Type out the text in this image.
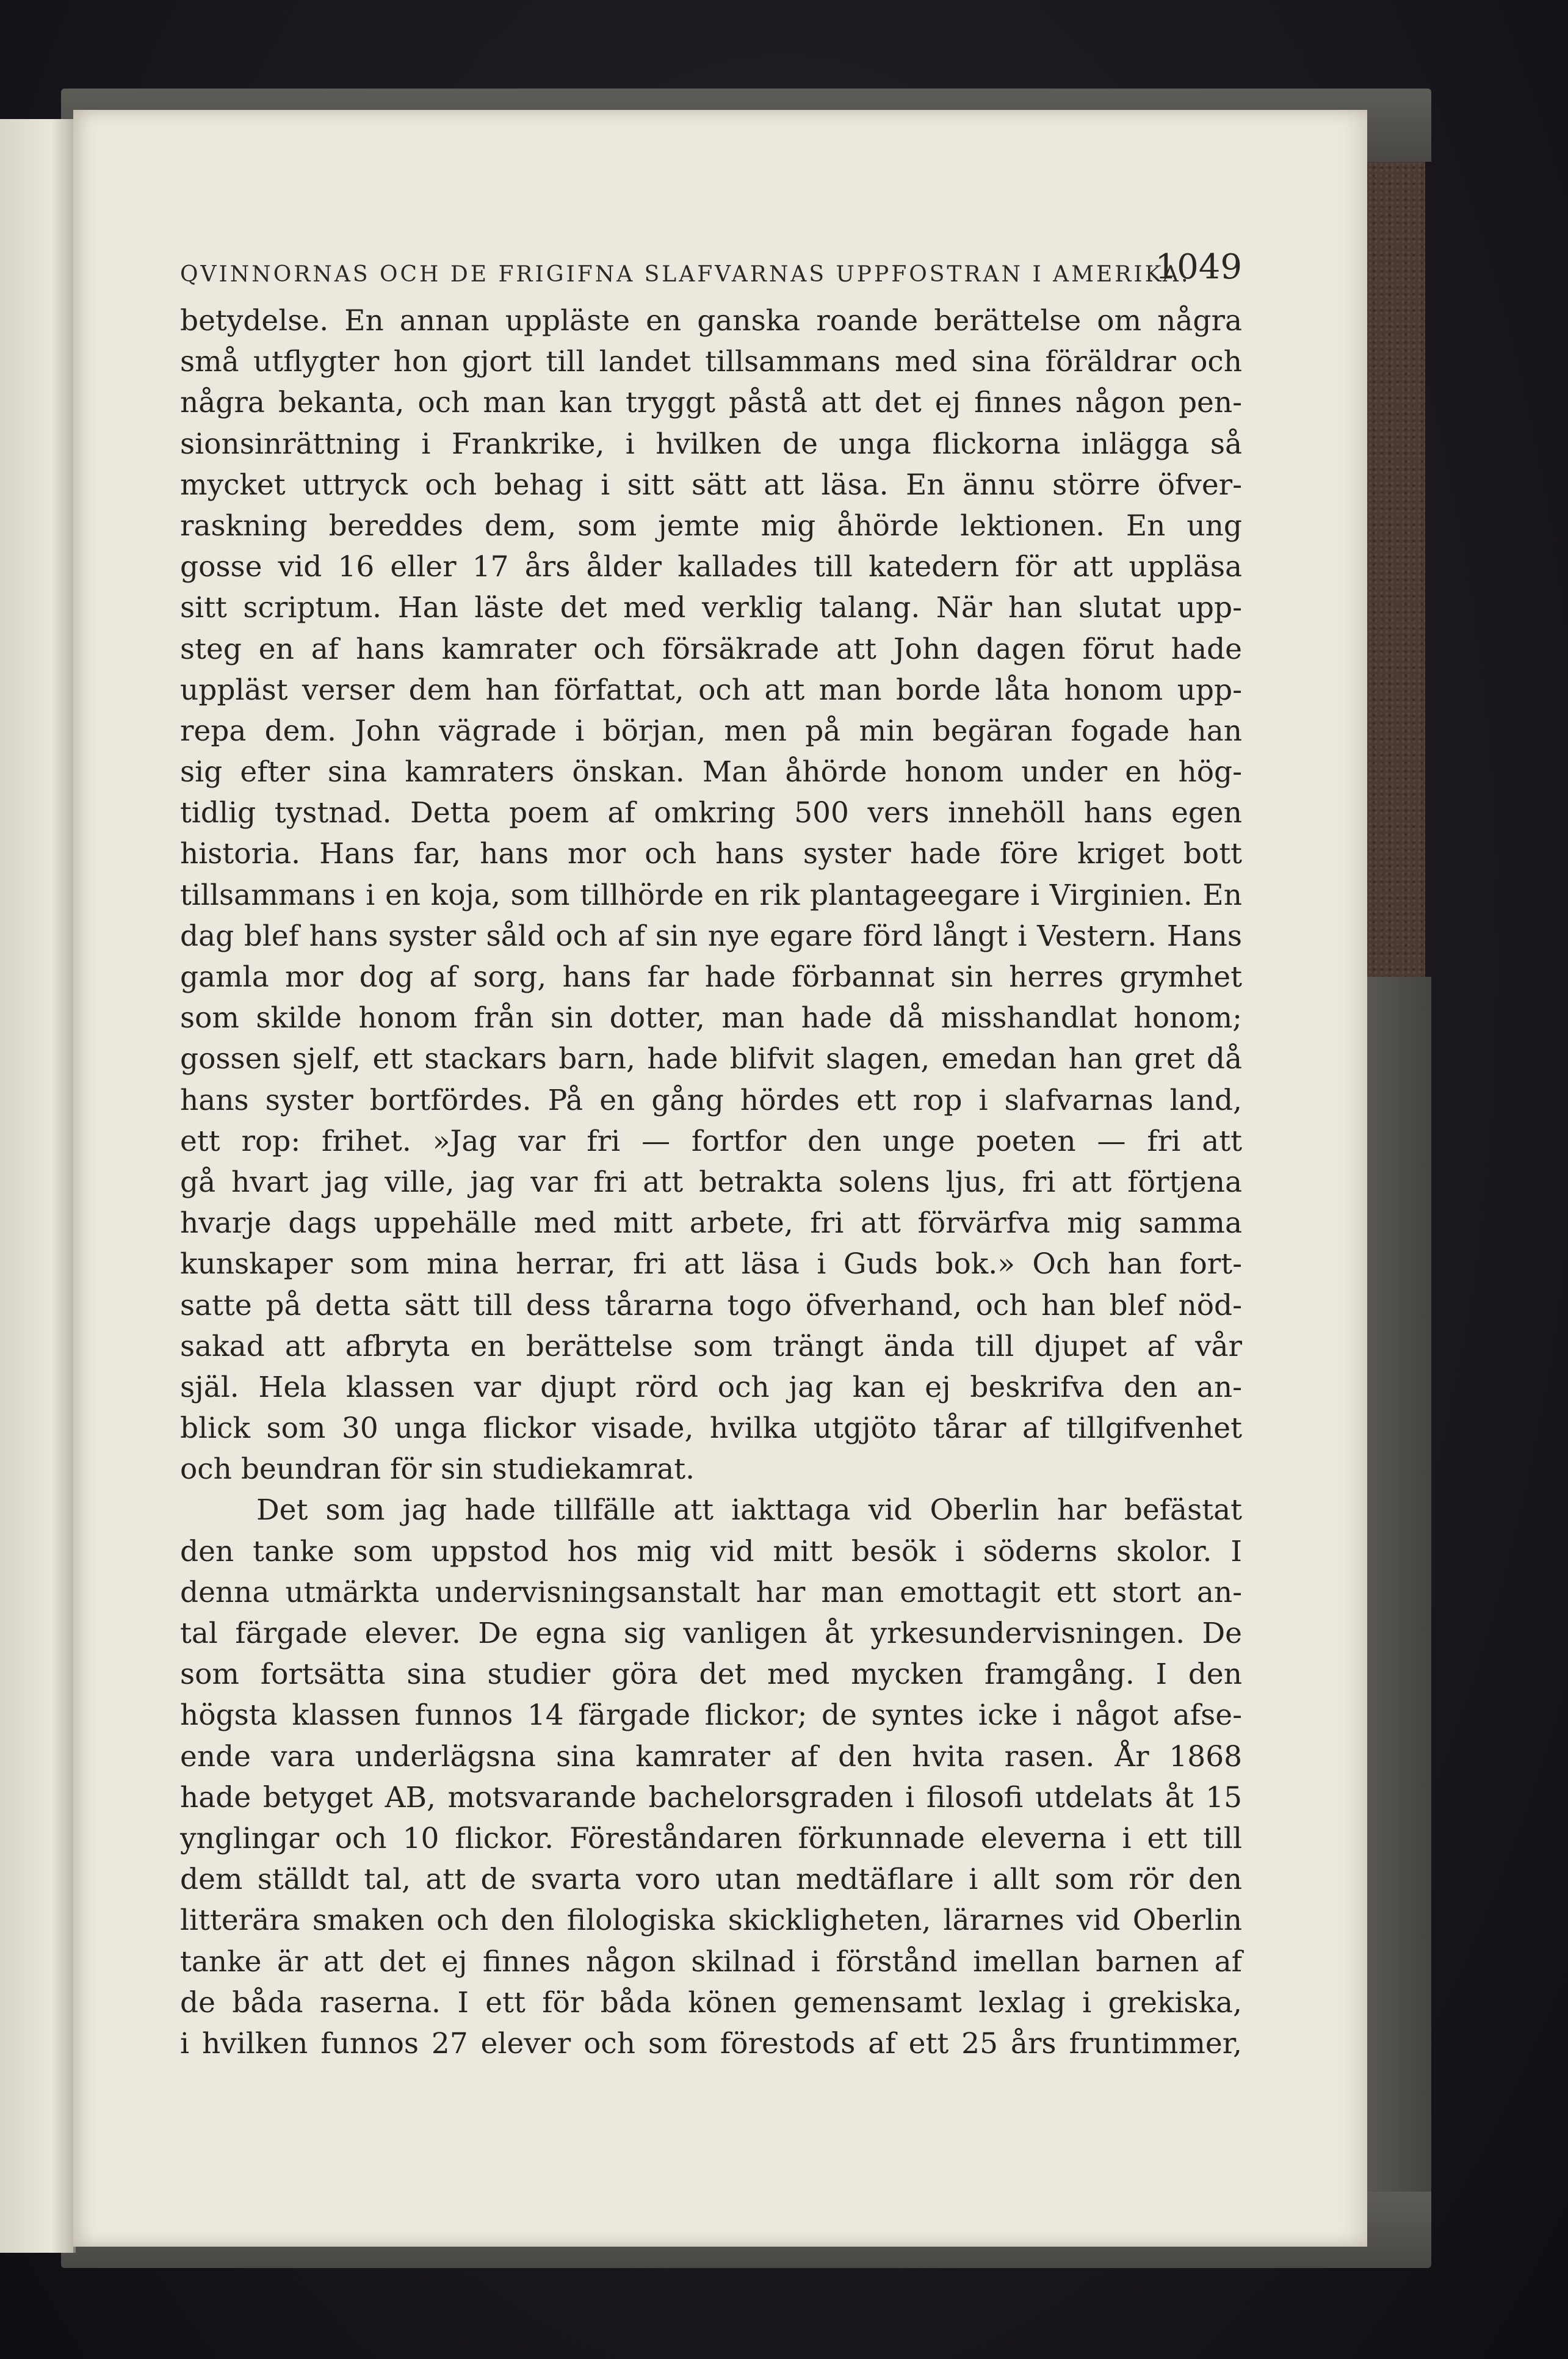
QVINNORNAS OCH DE FRIGIFNA SLAFVARNAS UPPFOSTRAN I AMERIKA.
1049
betydelse. En annan uppläste en ganska roande berättelse om några
små utflygter hon gjort till landet tillsammans med sina föräldrar och
några bekanta, och man kan tryggt påstå att det ej finnes någon pen-
sionsinrättning i Frankrike, i hvilken de unga flickorna inlägga så
mycket uttryck och behag i sitt sätt att läsa. En ännu större öfver-
raskning bereddes dem, som jemte mig åhörde lektionen. En ung
gosse vid 16 eller 17 års ålder kallades till katedern för att uppläsa
sitt scriptum. Han läste det med verklig talang. När han slutat upp-
steg en af hans kamrater och försäkrade att John dagen förut hade
uppläst verser dem han författat, och att man borde låta honom upp-
repa dem. John vägrade i början, men på min begäran fogade han
sig efter sina kamraters önskan. Man åhörde honom under en hög-
tidlig tystnad. Detta poem af omkring 500 vers innehöll hans egen
historia. Hans far, hans mor och hans syster hade före kriget bott
tillsammans i en koja, som tillhörde en rik plantageegare i Virginien. En
dag blef hans syster såld och af sin nye egare förd långt i Vestern. Hans
gamla mor dog af sorg, hans far hade förbannat sin herres grymhet
som skilde honom från sin dotter, man hade då misshandlat honom;
gossen sjelf, ett stackars barn, hade blifvit slagen, emedan han gret då
hans syster bortfördes. På en gång hördes ett rop i slafvarnas land,
ett rop: frihet. »Jag var fri — fortfor den unge poeten — fri att
gå hvart jag ville, jag var fri att betrakta solens ljus, fri att förtjena
hvarje dags uppehälle med mitt arbete, fri att förvärfva mig samma
kunskaper som mina herrar, fri att läsa i Guds bok.» Och han fort-
satte på detta sätt till dess tårarna togo öfverhand, och han blef nöd-
sakad att afbryta en berättelse som trängt ända till djupet af vår
själ. Hela klassen var djupt rörd och jag kan ej beskrifva den an-
blick som 30 unga flickor visade, hvilka utgjöto tårar af tillgifvenhet
och beundran för sin studiekamrat.
Det som jag hade tillfälle att iakttaga vid Oberlin har befästat
den tanke som uppstod hos mig vid mitt besök i söderns skolor. I
denna utmärkta undervisningsanstalt har man emottagit ett stort an-
tal färgade elever. De egna sig vanligen åt yrkesundervisningen. De
som fortsätta sina studier göra det med mycken framgång. I den
högsta klassen funnos 14 färgade flickor; de syntes icke i något afse-
ende vara underlägsna sina kamrater af den hvita rasen. År 1868
hade betyget AB, motsvarande bachelorsgraden i filosofi utdelats åt 15
ynglingar och 10 flickor. Föreståndaren förkunnade eleverna i ett till
dem ställdt tal, att de svarta voro utan medtäflare i allt som rör den
litterära smaken och den filologiska skickligheten, lärarnes vid Oberlin
tanke är att det ej finnes någon skilnad i förstånd imellan barnen af
de båda raserna. I ett för båda könen gemensamt lexlag i grekiska,
i hvilken funnos 27 elever och som förestods af ett 25 års fruntimmer,
